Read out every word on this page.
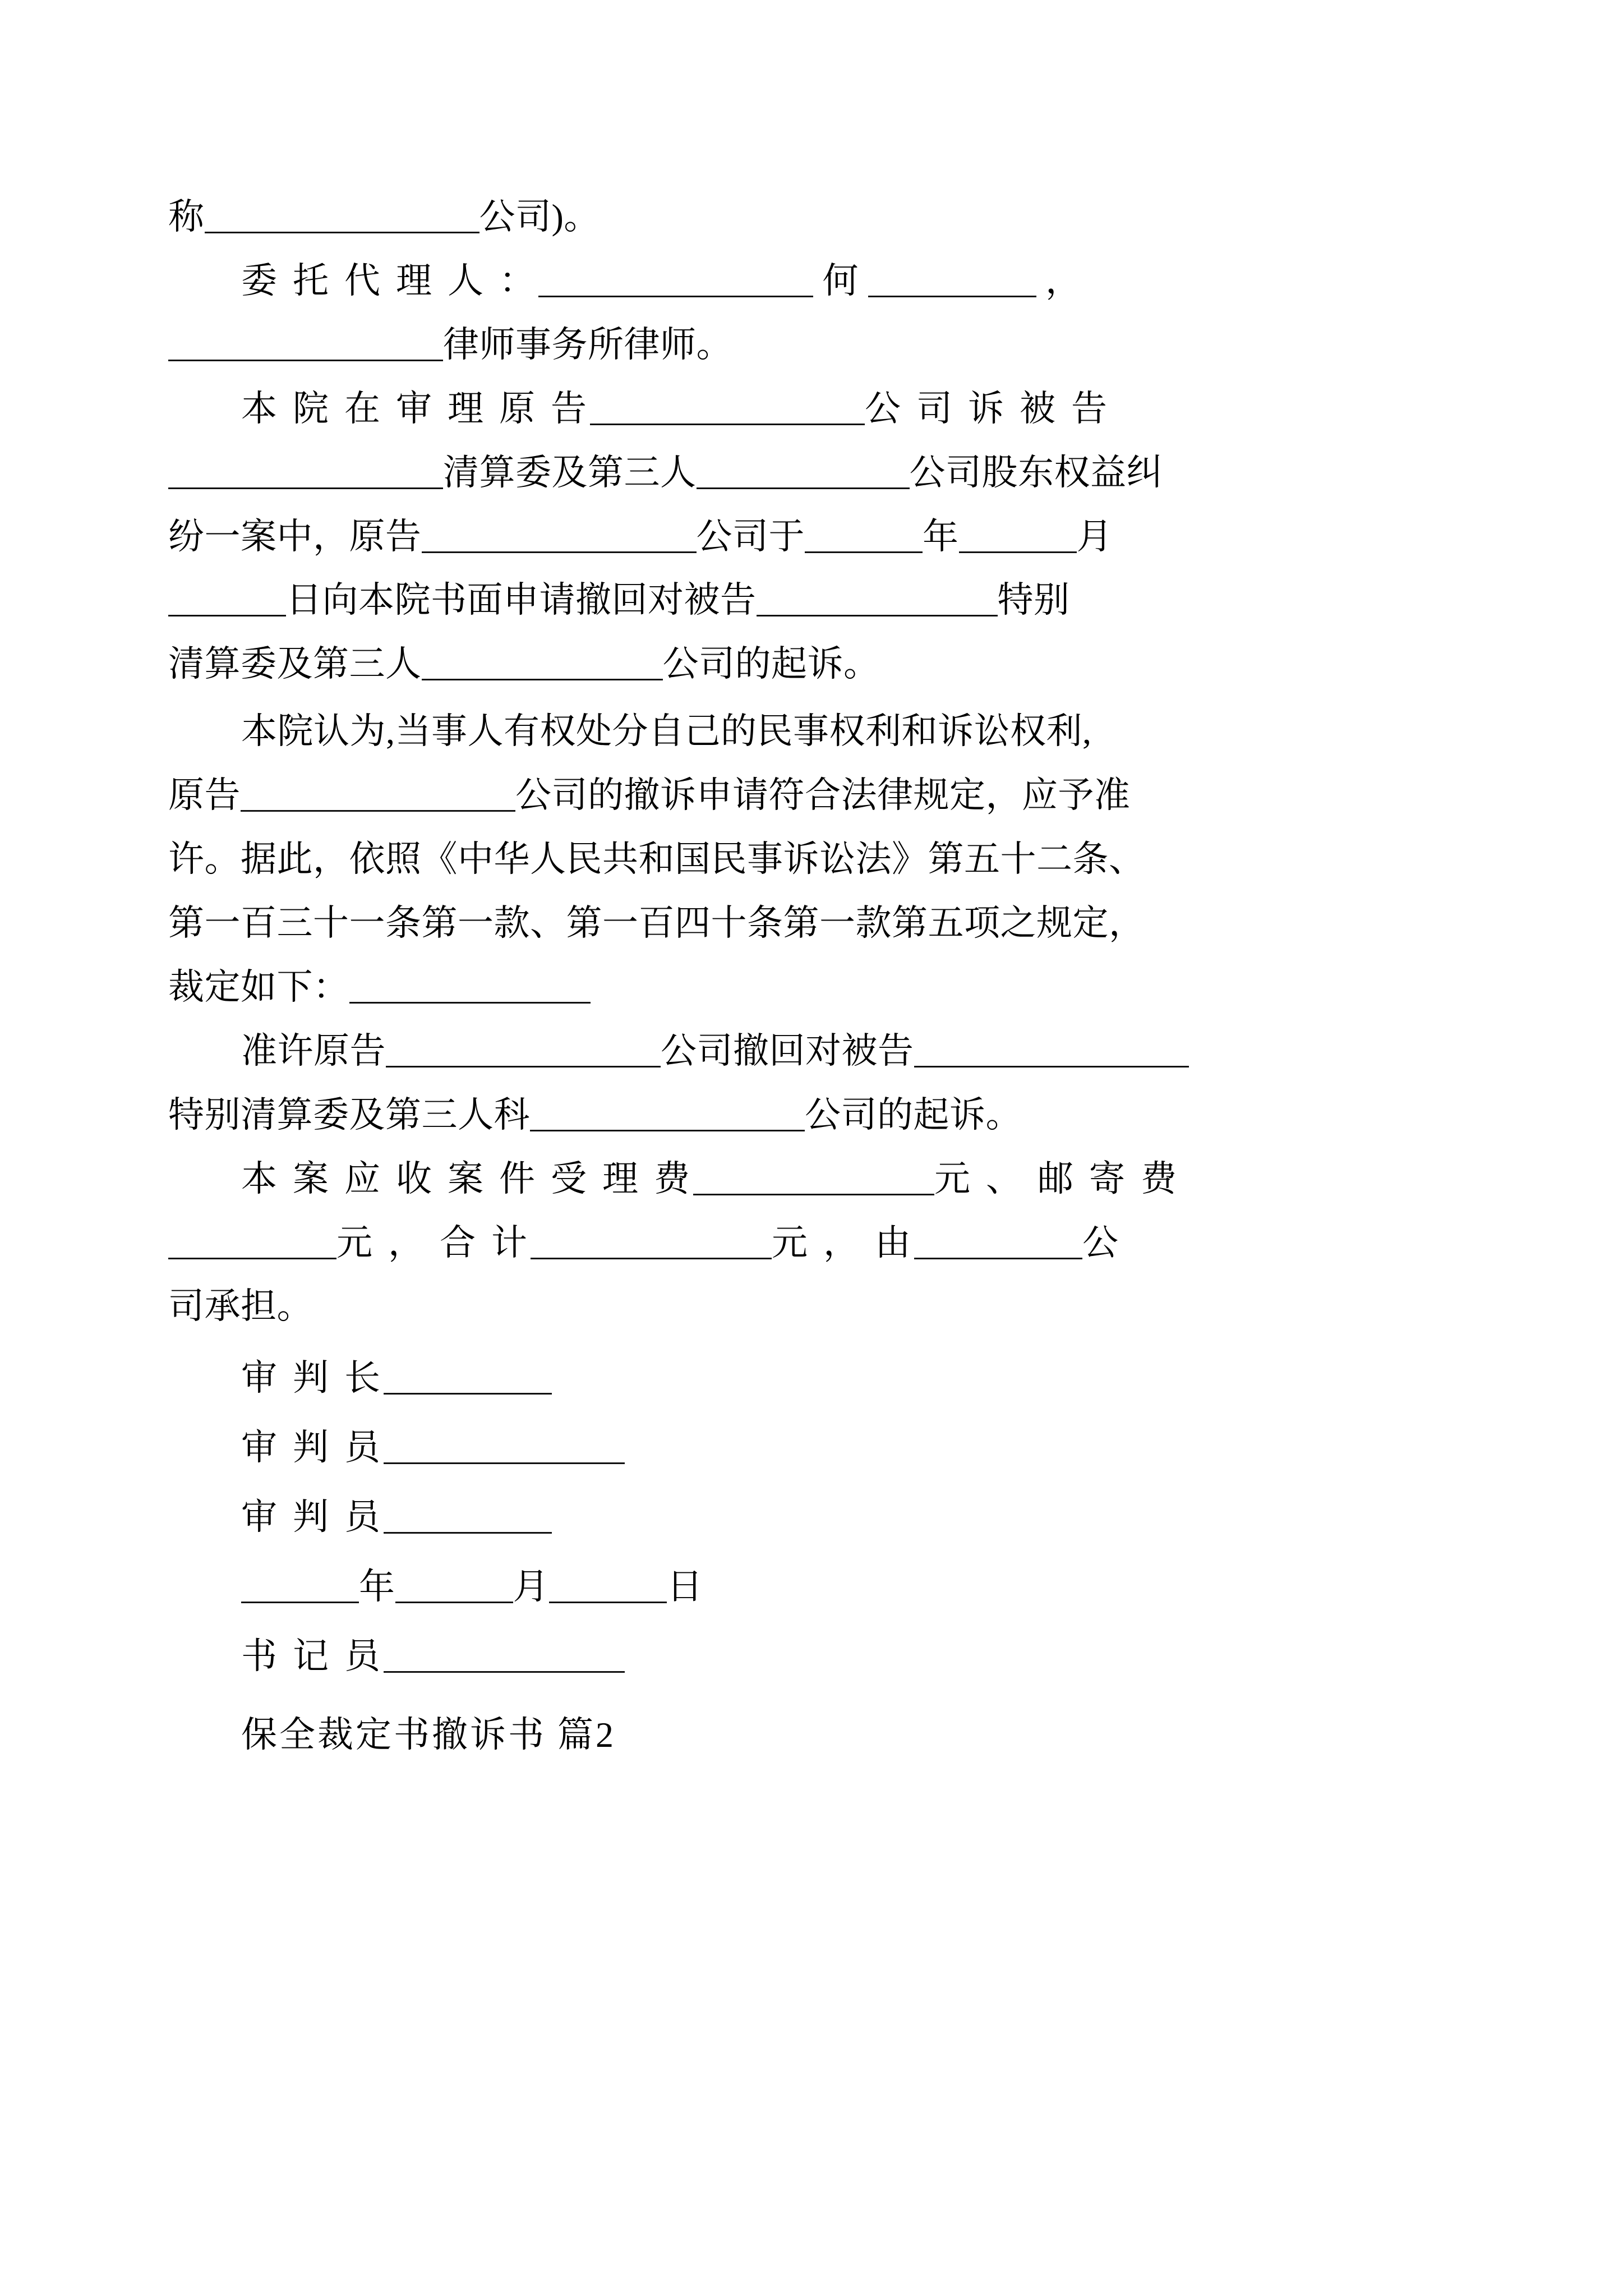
称	公司)。
委 托 代 理 人 ：	何	，
律师事务所律师。
本 院 在 审 理 原 告	公 司 诉 被 告
清算委及第三人	公司股东权益纠
纷一案中，原告	公司于	年	月
日向本院书面申请撤回对被告	特别
清算委及第三人	公司的起诉。
本院认为,当事人有权处分自己的民事权利和诉讼权利,
原告	公司的撤诉申请符合法律规定，应予准
许。据此，依照《中华人民共和国民事诉讼法》第五十二条、
第一百三十一条第一款、第一百四十条第一款第五项之规定，
裁定如下：
准许原告	公司撤回对被告
特别清算委及第三人科	公司的起诉。
本 案 应 收 案 件 受 理 费	元 、 邮 寄 费
元 ， 合 计	元 ， 由	公
司承担。
审 判 长
审 判 员
审 判 员
年	月	日
书 记 员
保全裁定书撤诉书 篇2
